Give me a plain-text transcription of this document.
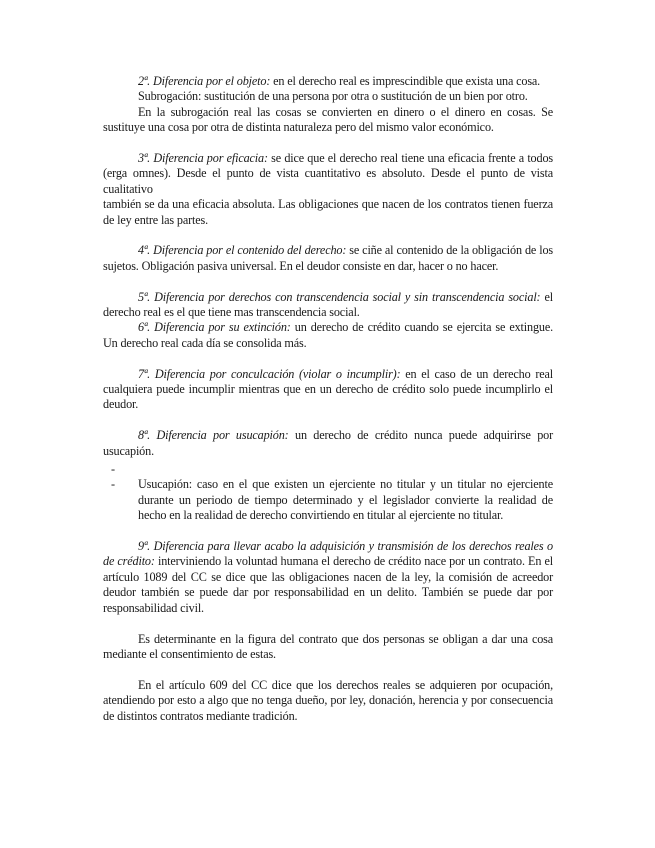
2ª. Diferencia por el objeto: en el derecho real es imprescindible que exista una cosa.

Subrogación: sustitución de una persona por otra o sustitución de un bien por otro.

En la subrogación real las cosas se convierten en dinero o el dinero en cosas. Se sustituye una cosa por otra de distinta naturaleza pero del mismo valor económico.

3ª. Diferencia por eficacia: se dice que el derecho real tiene una eficacia frente a todos (erga omnes). Desde el punto de vista cuantitativo es absoluto. Desde el punto de vista cualitativo

también se da una eficacia absoluta. Las obligaciones que nacen de los contratos tienen fuerza de ley entre las partes.

4ª. Diferencia por el contenido del derecho: se ciñe al contenido de la obligación de los sujetos. Obligación pasiva universal. En el deudor consiste en dar, hacer o no hacer.

5ª. Diferencia por derechos con transcendencia social y sin transcendencia social: el derecho real es el que tiene mas transcendencia social.

6ª. Diferencia por su extinción: un derecho de crédito cuando se ejercita se extingue. Un derecho real cada día se consolida más.

7ª. Diferencia por conculcación (violar o incumplir): en el caso de un derecho real cualquiera puede incumplir mientras que en un derecho de crédito solo puede incumplirlo el deudor.

8ª. Diferencia por usucapión: un derecho de crédito nunca puede adquirirse por usucapión.

-
- Usucapión: caso en el que existen un ejerciente no titular y un titular no ejerciente durante un periodo de tiempo determinado y el legislador convierte la realidad de hecho en la realidad de derecho convirtiendo en titular al ejerciente no titular.

9ª. Diferencia para llevar acabo la adquisición y transmisión de los derechos reales o de crédito: interviniendo la voluntad humana el derecho de crédito nace por un contrato. En el artículo 1089 del CC se dice que las obligaciones nacen de la ley, la comisión de acreedor deudor también se puede dar por responsabilidad en un delito. También se puede dar por responsabilidad civil.

Es determinante en la figura del contrato que dos personas se obligan a dar una cosa mediante el consentimiento de estas.

En el artículo 609 del CC dice que los derechos reales se adquieren por ocupación, atendiendo por esto a algo que no tenga dueño, por ley, donación, herencia y por consecuencia de distintos contratos mediante tradición.
